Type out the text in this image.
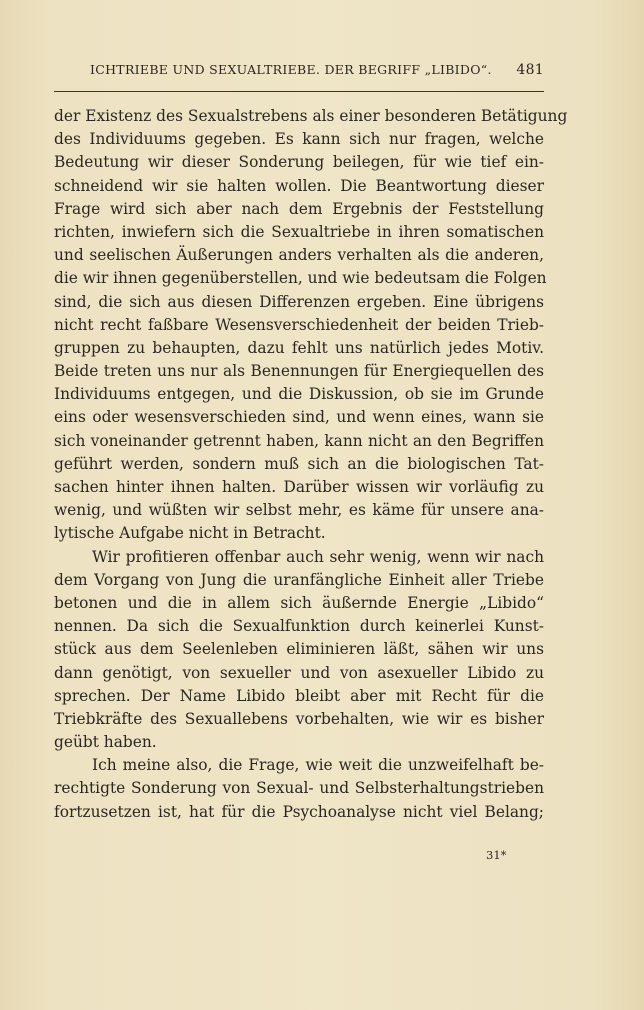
ICHTRIEBE UND SEXUALTRIEBE. DER BEGRIFF „LIBIDO“. 481
der Existenz des Sexualstrebens als einer besonderen Betätigung
des Individuums gegeben. Es kann sich nur fragen, welche
Bedeutung wir dieser Sonderung beilegen, für wie tief ein-
schneidend wir sie halten wollen. Die Beantwortung dieser
Frage wird sich aber nach dem Ergebnis der Feststellung
richten, inwiefern sich die Sexualtriebe in ihren somatischen
und seelischen Äußerungen anders verhalten als die anderen,
die wir ihnen gegenüberstellen, und wie bedeutsam die Folgen
sind, die sich aus diesen Differenzen ergeben. Eine übrigens
nicht recht faßbare Wesensverschiedenheit der beiden Trieb-
gruppen zu behaupten, dazu fehlt uns natürlich jedes Motiv.
Beide treten uns nur als Benennungen für Energiequellen des
Individuums entgegen, und die Diskussion, ob sie im Grunde
eins oder wesensverschieden sind, und wenn eines, wann sie
sich voneinander getrennt haben, kann nicht an den Begriffen
geführt werden, sondern muß sich an die biologischen Tat-
sachen hinter ihnen halten. Darüber wissen wir vorläufig zu
wenig, und wüßten wir selbst mehr, es käme für unsere ana-
lytische Aufgabe nicht in Betracht.
Wir profitieren offenbar auch sehr wenig, wenn wir nach
dem Vorgang von Jung die uranfängliche Einheit aller Triebe
betonen und die in allem sich äußernde Energie „Libido“
nennen. Da sich die Sexualfunktion durch keinerlei Kunst-
stück aus dem Seelenleben eliminieren läßt, sähen wir uns
dann genötigt, von sexueller und von asexueller Libido zu
sprechen. Der Name Libido bleibt aber mit Recht für die
Triebkräfte des Sexuallebens vorbehalten, wie wir es bisher
geübt haben.
Ich meine also, die Frage, wie weit die unzweifelhaft be-
rechtigte Sonderung von Sexual- und Selbsterhaltungstrieben
fortzusetzen ist, hat für die Psychoanalyse nicht viel Belang;
31*
